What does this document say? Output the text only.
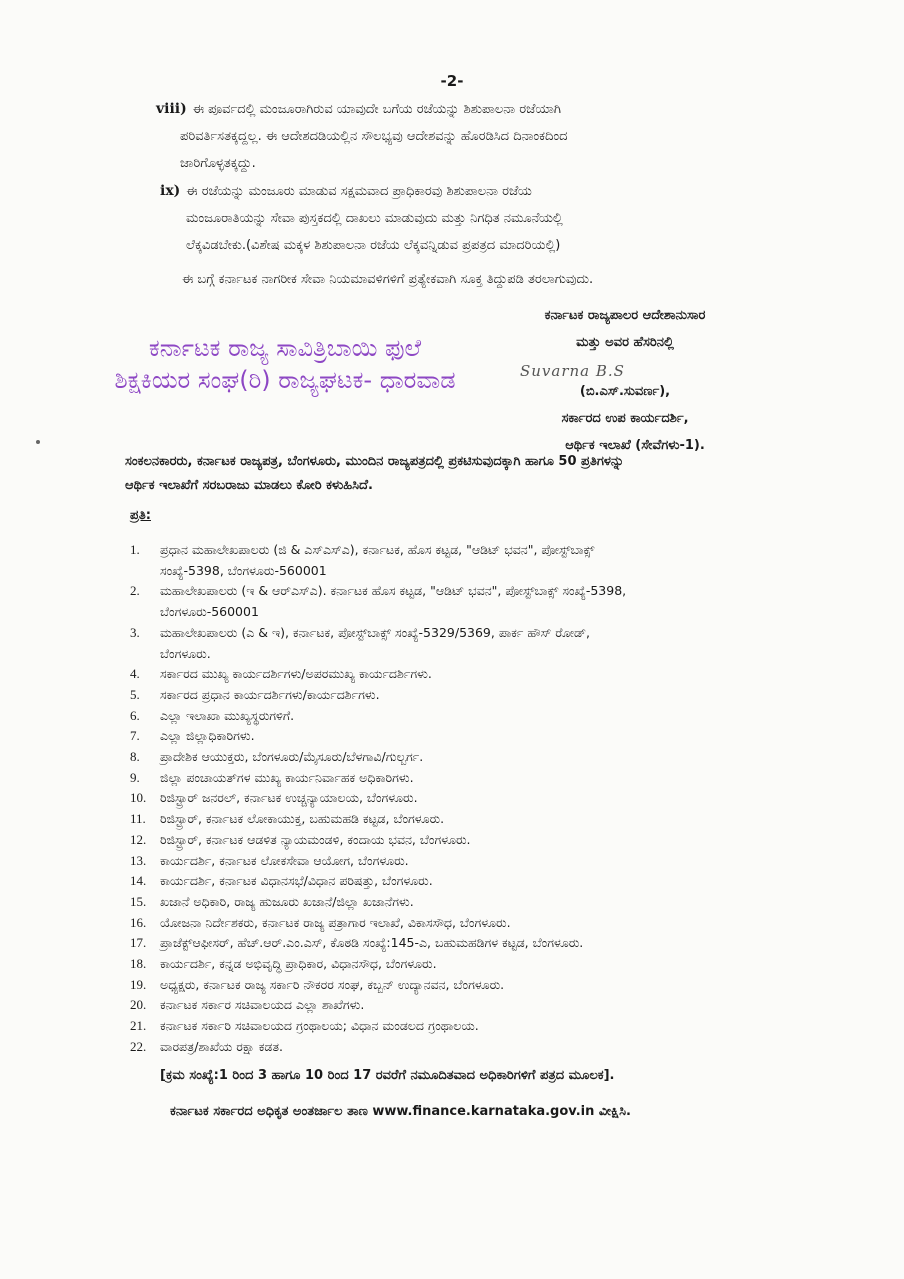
-2-
viii) ಈ ಪೂರ್ವದಲ್ಲಿ ಮಂಜೂರಾಗಿರುವ ಯಾವುದೇ ಬಗೆಯ ರಜೆಯನ್ನು ಶಿಶುಪಾಲನಾ ರಜೆಯಾಗಿ
ಪರಿವರ್ತಿಸತಕ್ಕದ್ದಲ್ಲ. ಈ ಆದೇಶದಡಿಯಲ್ಲಿನ ಸೌಲಭ್ಯವು ಆದೇಶವನ್ನು ಹೊರಡಿಸಿದ ದಿನಾಂಕದಿಂದ
ಜಾರಿಗೊಳ್ಳತಕ್ಕದ್ದು.
ix) ಈ ರಜೆಯನ್ನು ಮಂಜೂರು ಮಾಡುವ ಸಕ್ಷಮವಾದ ಪ್ರಾಧಿಕಾರವು ಶಿಶುಪಾಲನಾ ರಜೆಯ
ಮಂಜೂರಾತಿಯನ್ನು ಸೇವಾ ಪುಸ್ತಕದಲ್ಲಿ ದಾಖಲು ಮಾಡುವುದು ಮತ್ತು ನಿಗಧಿತ ನಮೂನೆಯಲ್ಲಿ
ಲೆಕ್ಕವಿಡಬೇಕು.(ವಿಶೇಷ ಮಕ್ಕಳ ಶಿಶುಪಾಲನಾ ರಜೆಯ ಲೆಕ್ಕವನ್ನಿಡುವ ಪ್ರಪತ್ರದ ಮಾದರಿಯಲ್ಲಿ)
ಈ ಬಗ್ಗೆ ಕರ್ನಾಟಕ ನಾಗರೀಕ ಸೇವಾ ನಿಯಮಾವಳಿಗಳಿಗೆ ಪ್ರತ್ಯೇಕವಾಗಿ ಸೂಕ್ತ ತಿದ್ದುಪಡಿ ತರಲಾಗುವುದು.
ಕರ್ನಾಟಕ ರಾಜ್ಯಪಾಲರ ಆದೇಶಾನುಸಾರ
ಮತ್ತು ಅವರ ಹೆಸರಿನಲ್ಲಿ
Suvarna B.S
(ಬಿ.ಎಸ್.ಸುವರ್ಣ),
ಸರ್ಕಾರದ ಉಪ ಕಾರ್ಯದರ್ಶಿ,
ಆರ್ಥಿಕ ಇಲಾಖೆ (ಸೇವೆಗಳು-1).
ಕರ್ನಾಟಕ ರಾಜ್ಯ ಸಾವಿತ್ರಿಬಾಯಿ ಫುಲೆ
ಶಿಕ್ಷಕಿಯರ ಸಂಘ(ರಿ) ರಾಜ್ಯಘಟಕ- ಧಾರವಾಡ
ಸಂಕಲನಕಾರರು, ಕರ್ನಾಟಕ ರಾಜ್ಯಪತ್ರ, ಬೆಂಗಳೂರು, ಮುಂದಿನ ರಾಜ್ಯಪತ್ರದಲ್ಲಿ ಪ್ರಕಟಿಸುವುದಕ್ಕಾಗಿ ಹಾಗೂ 50 ಪ್ರತಿಗಳನ್ನು
ಆರ್ಥಿಕ ಇಲಾಖೆಗೆ ಸರಬರಾಜು ಮಾಡಲು ಕೋರಿ ಕಳುಹಿಸಿದೆ.
ಪ್ರತಿ:
1.	ಪ್ರಧಾನ ಮಹಾಲೇಖಪಾಲರು (ಜಿ & ಎಸ್‌ಎಸ್‌ಎ), ಕರ್ನಾಟಕ, ಹೊಸ ಕಟ್ಟಡ, "ಆಡಿಟ್ ಭವನ", ಪೋಸ್ಟ್‌ಬಾಕ್ಸ್
ಸಂಖ್ಯೆ-5398, ಬೆಂಗಳೂರು-560001
2.	ಮಹಾಲೇಖಪಾಲರು (ಇ & ಆರ್‌ಎಸ್‌ಎ). ಕರ್ನಾಟಕ ಹೊಸ ಕಟ್ಟಡ, "ಆಡಿಟ್ ಭವನ", ಪೋಸ್ಟ್‌ಬಾಕ್ಸ್ ಸಂಖ್ಯೆ-5398,
ಬೆಂಗಳೂರು-560001
3.	ಮಹಾಲೇಖಪಾಲರು (ಎ & ಇ), ಕರ್ನಾಟಕ, ಪೋಸ್ಟ್‌ಬಾಕ್ಸ್ ಸಂಖ್ಯೆ-5329/5369, ಪಾರ್ಕ ಹೌಸ್ ರೋಡ್,
ಬೆಂಗಳೂರು.
4.	ಸರ್ಕಾರದ ಮುಖ್ಯ ಕಾರ್ಯದರ್ಶಿಗಳು/ಅಪರಮುಖ್ಯ ಕಾರ್ಯದರ್ಶಿಗಳು.
5.	ಸರ್ಕಾರದ ಪ್ರಧಾನ ಕಾರ್ಯದರ್ಶಿಗಳು/ಕಾರ್ಯದರ್ಶಿಗಳು.
6.	ಎಲ್ಲಾ ಇಲಾಖಾ ಮುಖ್ಯಸ್ಥರುಗಳಿಗೆ.
7.	ಎಲ್ಲಾ ಜಿಲ್ಲಾಧಿಕಾರಿಗಳು.
8.	ಪ್ರಾದೇಶಿಕ ಆಯುಕ್ತರು, ಬೆಂಗಳೂರು/ಮೈಸೂರು/ಬೆಳಗಾವಿ/ಗುಲ್ಬರ್ಗ.
9.	ಜಿಲ್ಲಾ ಪಂಚಾಯತ್‌ಗಳ ಮುಖ್ಯ ಕಾರ್ಯನಿರ್ವಾಹಕ ಅಧಿಕಾರಿಗಳು.
10.	ರಿಜಿಸ್ಟ್ರಾರ್ ಜನರಲ್, ಕರ್ನಾಟಕ ಉಚ್ಚನ್ಯಾಯಾಲಯ, ಬೆಂಗಳೂರು.
11.	ರಿಜಿಸ್ಟ್ರಾರ್, ಕರ್ನಾಟಕ ಲೋಕಾಯುಕ್ತ, ಬಹುಮಹಡಿ ಕಟ್ಟಡ, ಬೆಂಗಳೂರು.
12.	ರಿಜಿಸ್ಟ್ರಾರ್, ಕರ್ನಾಟಕ ಆಡಳಿತ ನ್ಯಾಯಮಂಡಳಿ, ಕಂದಾಯ ಭವನ, ಬೆಂಗಳೂರು.
13.	ಕಾರ್ಯದರ್ಶಿ, ಕರ್ನಾಟಕ ಲೋಕಸೇವಾ ಆಯೋಗ, ಬೆಂಗಳೂರು.
14.	ಕಾರ್ಯದರ್ಶಿ, ಕರ್ನಾಟಕ ವಿಧಾನಸಭೆ/ವಿಧಾನ ಪರಿಷತ್ತು, ಬೆಂಗಳೂರು.
15.	ಖಜಾನೆ ಅಧಿಕಾರಿ, ರಾಜ್ಯ ಹುಜೂರು ಖಜಾನೆ/ಜಿಲ್ಲಾ ಖಜಾನೆಗಳು.
16.	ಯೋಜನಾ ನಿರ್ದೇಶಕರು, ಕರ್ನಾಟಕ ರಾಜ್ಯ ಪತ್ರಾಗಾರ ಇಲಾಖೆ, ವಿಕಾಸಸೌಧ, ಬೆಂಗಳೂರು.
17.	ಪ್ರಾಜೆಕ್ಟ್‌ಆಫೀಸರ್, ಹೆಚ್.ಆರ್.ಎಂ.ಎಸ್, ಕೊಠಡಿ ಸಂಖ್ಯೆ:145-ಎ, ಬಹುಮಹಡಿಗಳ ಕಟ್ಟಡ, ಬೆಂಗಳೂರು.
18.	ಕಾರ್ಯದರ್ಶಿ, ಕನ್ನಡ ಅಭಿವೃದ್ಧಿ ಪ್ರಾಧಿಕಾರ, ವಿಧಾನಸೌಧ, ಬೆಂಗಳೂರು.
19.	ಅಧ್ಯಕ್ಷರು, ಕರ್ನಾಟಕ ರಾಜ್ಯ ಸರ್ಕಾರಿ ನೌಕರರ ಸಂಘ, ಕಬ್ಬನ್ ಉದ್ಯಾನವನ, ಬೆಂಗಳೂರು.
20.	ಕರ್ನಾಟಕ ಸರ್ಕಾರ ಸಚಿವಾಲಯದ ಎಲ್ಲಾ ಶಾಖೆಗಳು.
21.	ಕರ್ನಾಟಕ ಸರ್ಕಾರಿ ಸಚಿವಾಲಯದ ಗ್ರಂಥಾಲಯ; ವಿಧಾನ ಮಂಡಲದ ಗ್ರಂಥಾಲಯ.
22.	ವಾರಪತ್ರ/ಶಾಖೆಯ ರಕ್ಷಾ ಕಡತ.
[ಕ್ರಮ ಸಂಖ್ಯೆ:1 ರಿಂದ 3 ಹಾಗೂ 10 ರಿಂದ 17 ರವರೆಗೆ ನಮೂದಿತವಾದ ಅಧಿಕಾರಿಗಳಿಗೆ ಪತ್ರದ ಮೂಲಕ].
ಕರ್ನಾಟಕ ಸರ್ಕಾರದ ಅಧಿಕೃತ ಅಂತರ್ಜಾಲ ತಾಣ www.finance.karnataka.gov.in ವೀಕ್ಷಿಸಿ.
